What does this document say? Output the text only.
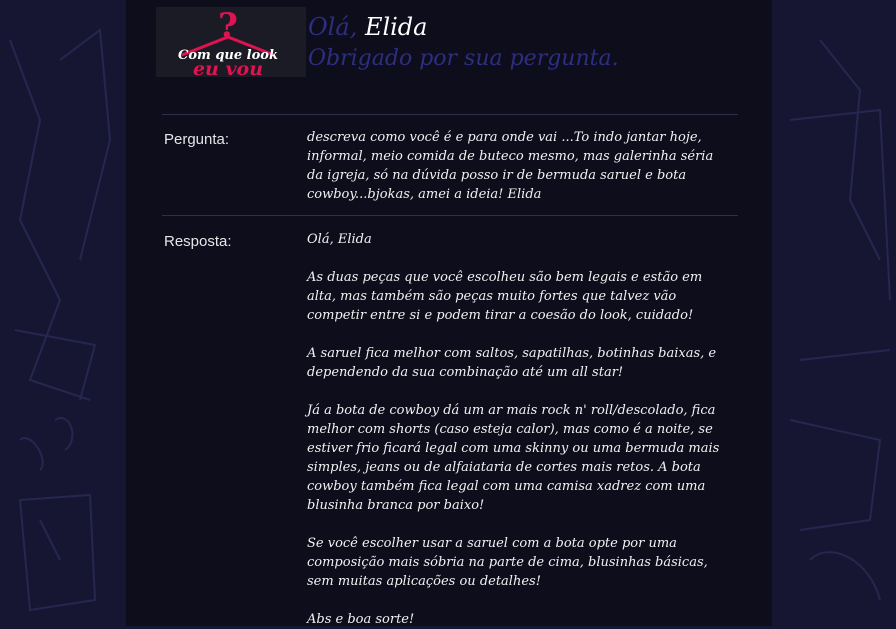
?
Com que look
eu vou
Olá, Elida
Obrigado por sua pergunta.
Pergunta:	descreva como você é e para onde vai ...To indo jantar hoje, informal, meio comida de buteco mesmo, mas galerinha séria da igreja, só na dúvida posso ir de bermuda saruel e bota cowboy...bjokas, amei a ideia! Elida
Resposta:	Olá, Elida

As duas peças que você escolheu são bem legais e estão em alta, mas também são peças muito fortes que talvez vão competir entre si e podem tirar a coesão do look, cuidado!

A saruel fica melhor com saltos, sapatilhas, botinhas baixas, e dependendo da sua combinação até um all star!

Já a bota de cowboy dá um ar mais rock n' roll/descolado, fica melhor com shorts (caso esteja calor), mas como é a noite, se estiver frio ficará legal com uma skinny ou uma bermuda mais simples, jeans ou de alfaiataria de cortes mais retos. A bota cowboy também fica legal com uma camisa xadrez com uma blusinha branca por baixo!

Se você escolher usar a saruel com a bota opte por uma composição mais sóbria na parte de cima, blusinhas básicas, sem muitas aplicações ou detalhes!

Abs e boa sorte!
